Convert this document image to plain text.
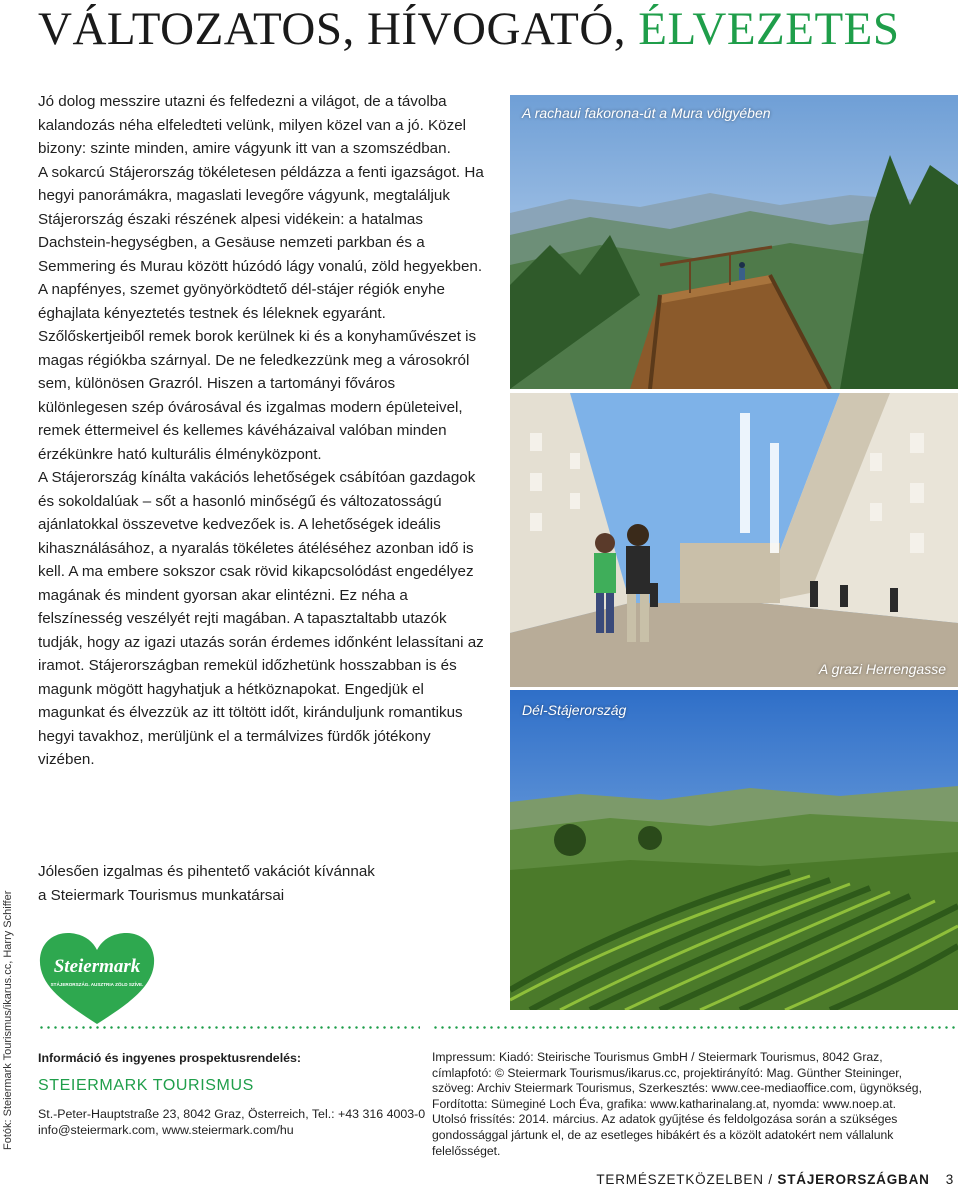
VÁLTOZATOS, HÍVOGATÓ, ÉLVEZETES

Jó dolog messzire utazni és felfedezni a világot, de a távolba kalandozás néha elfeledteti velünk, milyen közel van a jó. Közel bizony: szinte minden, amire vágyunk itt van a szomszédban.

A sokarcú Stájerország tökéletesen példázza a fenti igazságot. Ha hegyi panorámákra, magaslati levegőre vágyunk, megtaláljuk Stájerország északi részének alpesi vidékein: a hatalmas Dachstein-hegységben, a Gesäuse nemzeti parkban és a Semmering és Murau között húzódó lágy vonalú, zöld hegyekben. A napfényes, szemet gyönyörködtető dél-stájer régiók enyhe éghajlata kényeztetés testnek és léleknek egyaránt. Szőlőskertjeiből remek borok kerülnek ki és a konyhaművészet is magas régiókba szárnyal. De ne feledkezzünk meg a városokról sem, különösen Grazról. Hiszen a tartományi főváros különlegesen szép óvárosával és izgalmas modern épületeivel, remek éttermeivel és kellemes kávéházaival valóban minden érzékünkre ható kulturális élményközpont.

A Stájerország kínálta vakációs lehetőségek csábítóan gazdagok és sokoldalúak – sőt a hasonló minőségű és változatosságú ajánlatokkal összevetve kedvezőek is. A lehetőségek ideális kihasználásához, a nyaralás tökéletes átéléséhez azonban idő is kell. A ma embere sokszor csak rövid kikapcsolódást engedélyez magának és mindent gyorsan akar elintézni. Ez néha a felszínesség veszélyét rejti magában. A tapasztaltabb utazók tudják, hogy az igazi utazás során érdemes időnként lelassítani az iramot. Stájerországban remekül időzhetünk hosszabban is és magunk mögött hagyhatjuk a hétköznapokat. Engedjük el magunkat és élvezzük az itt töltött időt, kiránduljunk romantikus hegyi tavakhoz, merüljünk el a termálvizes fürdők jótékony vizében.

Jólesően izgalmas és pihentető vakációt kívánnak

a Steiermark Tourismus munkatársai

Steiermark
STÁJERORSZÁG. AUSZTRIA ZÖLD SZÍVE.
Fotók: Steiermark Tourismus/ikarus.cc, Harry Schiffer Információ és ingyenes prospektusrendelés:

STEIERMARK TOURISMUS

St.-Peter-Hauptstraße 23, 8042 Graz, Österreich, Tel.: +43 316 4003-0

info@steiermark.com, www.steiermark.com/hu

Impressum: Kiadó: Steirische Tourismus GmbH / Steiermark Tourismus, 8042 Graz,

címlapfotó: © Steiermark Tourismus/ikarus.cc, projektirányító: Mag. Günther Steininger,

szöveg: Archiv Steiermark Tourismus, Szerkesztés: www.cee-mediaoffice.com, ügynökség,

Fordította: Sümeginé Loch Éva, grafika: www.katharinalang.at, nyomda: www.noep.at.

Utolsó frissítés: 2014. március. Az adatok gyűjtése és feldolgozása során a szükséges

gondossággal jártunk el, de az esetleges hibákért és a közölt adatokért nem vállalunk felelősséget.

TERMÉSZETKÖZELBEN / STÁJERORSZÁGBAN 3
A rachaui fakorona-út a Mura völgyében
A grazi Herrengasse
Dél-Stájerország
